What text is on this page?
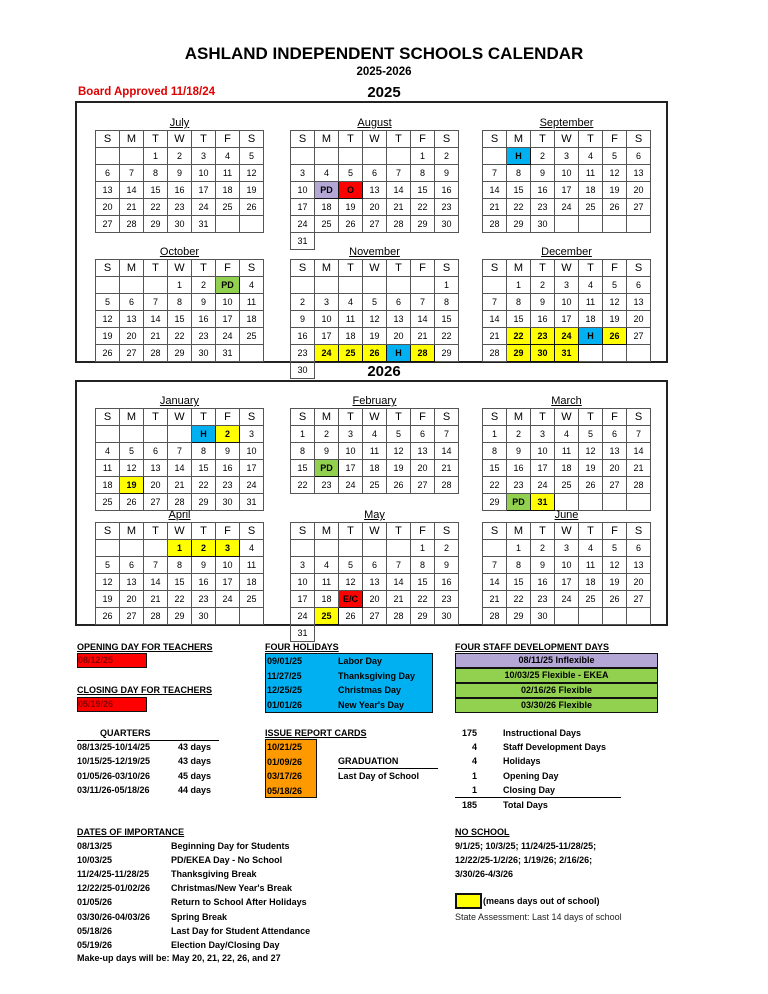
ASHLAND INDEPENDENT SCHOOLS CALENDAR
2025-2026
2025
Board Approved 11/18/24
2026
July
S	M	T	W	T	F	S
		1	2	3	4	5
6	7	8	9	10	11	12
13	14	15	16	17	18	19
20	21	22	23	24	25	26
27	28	29	30	31		
August
S	M	T	W	T	F	S
					1	2
3	4	5	6	7	8	9
10	PD	O	13	14	15	16
17	18	19	20	21	22	23
24	25	26	27	28	29	30
31						
September
S	M	T	W	T	F	S
	H	2	3	4	5	6
7	8	9	10	11	12	13
14	15	16	17	18	19	20
21	22	23	24	25	26	27
28	29	30				
October
S	M	T	W	T	F	S
			1	2	PD	4
5	6	7	8	9	10	11
12	13	14	15	16	17	18
19	20	21	22	23	24	25
26	27	28	29	30	31	
November
S	M	T	W	T	F	S
						1
2	3	4	5	6	7	8
9	10	11	12	13	14	15
16	17	18	19	20	21	22
23	24	25	26	H	28	29
30						
December
S	M	T	W	T	F	S
	1	2	3	4	5	6
7	8	9	10	11	12	13
14	15	16	17	18	19	20
21	22	23	24	H	26	27
28	29	30	31			
January
S	M	T	W	T	F	S
				H	2	3
4	5	6	7	8	9	10
11	12	13	14	15	16	17
18	19	20	21	22	23	24
25	26	27	28	29	30	31
February
S	M	T	W	T	F	S
1	2	3	4	5	6	7
8	9	10	11	12	13	14
15	PD	17	18	19	20	21
22	23	24	25	26	27	28
March
S	M	T	W	T	F	S
1	2	3	4	5	6	7
8	9	10	11	12	13	14
15	16	17	18	19	20	21
22	23	24	25	26	27	28
29	PD	31				
April
S	M	T	W	T	F	S
			1	2	3	4
5	6	7	8	9	10	11
12	13	14	15	16	17	18
19	20	21	22	23	24	25
26	27	28	29	30		
May
S	M	T	W	T	F	S
					1	2
3	4	5	6	7	8	9
10	11	12	13	14	15	16
17	18	E/C	20	21	22	23
24	25	26	27	28	29	30
31						
June
S	M	T	W	T	F	S
	1	2	3	4	5	6
7	8	9	10	11	12	13
14	15	16	17	18	19	20
21	22	23	24	25	26	27
28	29	30				
OPENING DAY FOR TEACHERS
08/12/25
CLOSING DAY FOR TEACHERS
05/19/26
FOUR HOLIDAYS
09/01/25	Labor Day
11/27/25	Thanksgiving Day
12/25/25	Christmas Day
01/01/26	New Year's Day
FOUR STAFF DEVELOPMENT DAYS
08/11/25 Inflexible
10/03/25 Flexible - EKEA
02/16/26 Flexible
03/30/26 Flexible
QUARTERS
08/13/25-10/14/25	43 days
10/15/25-12/19/25	43 days
01/05/26-03/10/26	45 days
03/11/26-05/18/26	44 days
ISSUE REPORT CARDS
10/21/25
01/09/26
03/17/26
05/18/26
GRADUATION
Last Day of School
175	Instructional Days
4	Staff Development Days
4	Holidays
1	Opening Day
1	Closing Day
185	Total Days
DATES OF IMPORTANCE
08/13/25	Beginning Day for Students
10/03/25	PD/EKEA Day - No School
11/24/25-11/28/25 Thanksgiving Break
12/22/25-01/02/26 Christmas/New Year's Break
01/05/26	Return to School After Holidays
03/30/26-04/03/26 Spring Break
05/18/26	Last Day for Student Attendance
05/19/26	Election Day/Closing Day
Make-up days will be: May 20, 21, 22, 26, and 27
NO SCHOOL
9/1/25; 10/3/25; 11/24/25-11/28/25;
12/22/25-1/2/26; 1/19/26; 2/16/26;
3/30/26-4/3/26
(means days out of school)
State Assessment: Last 14 days of school
